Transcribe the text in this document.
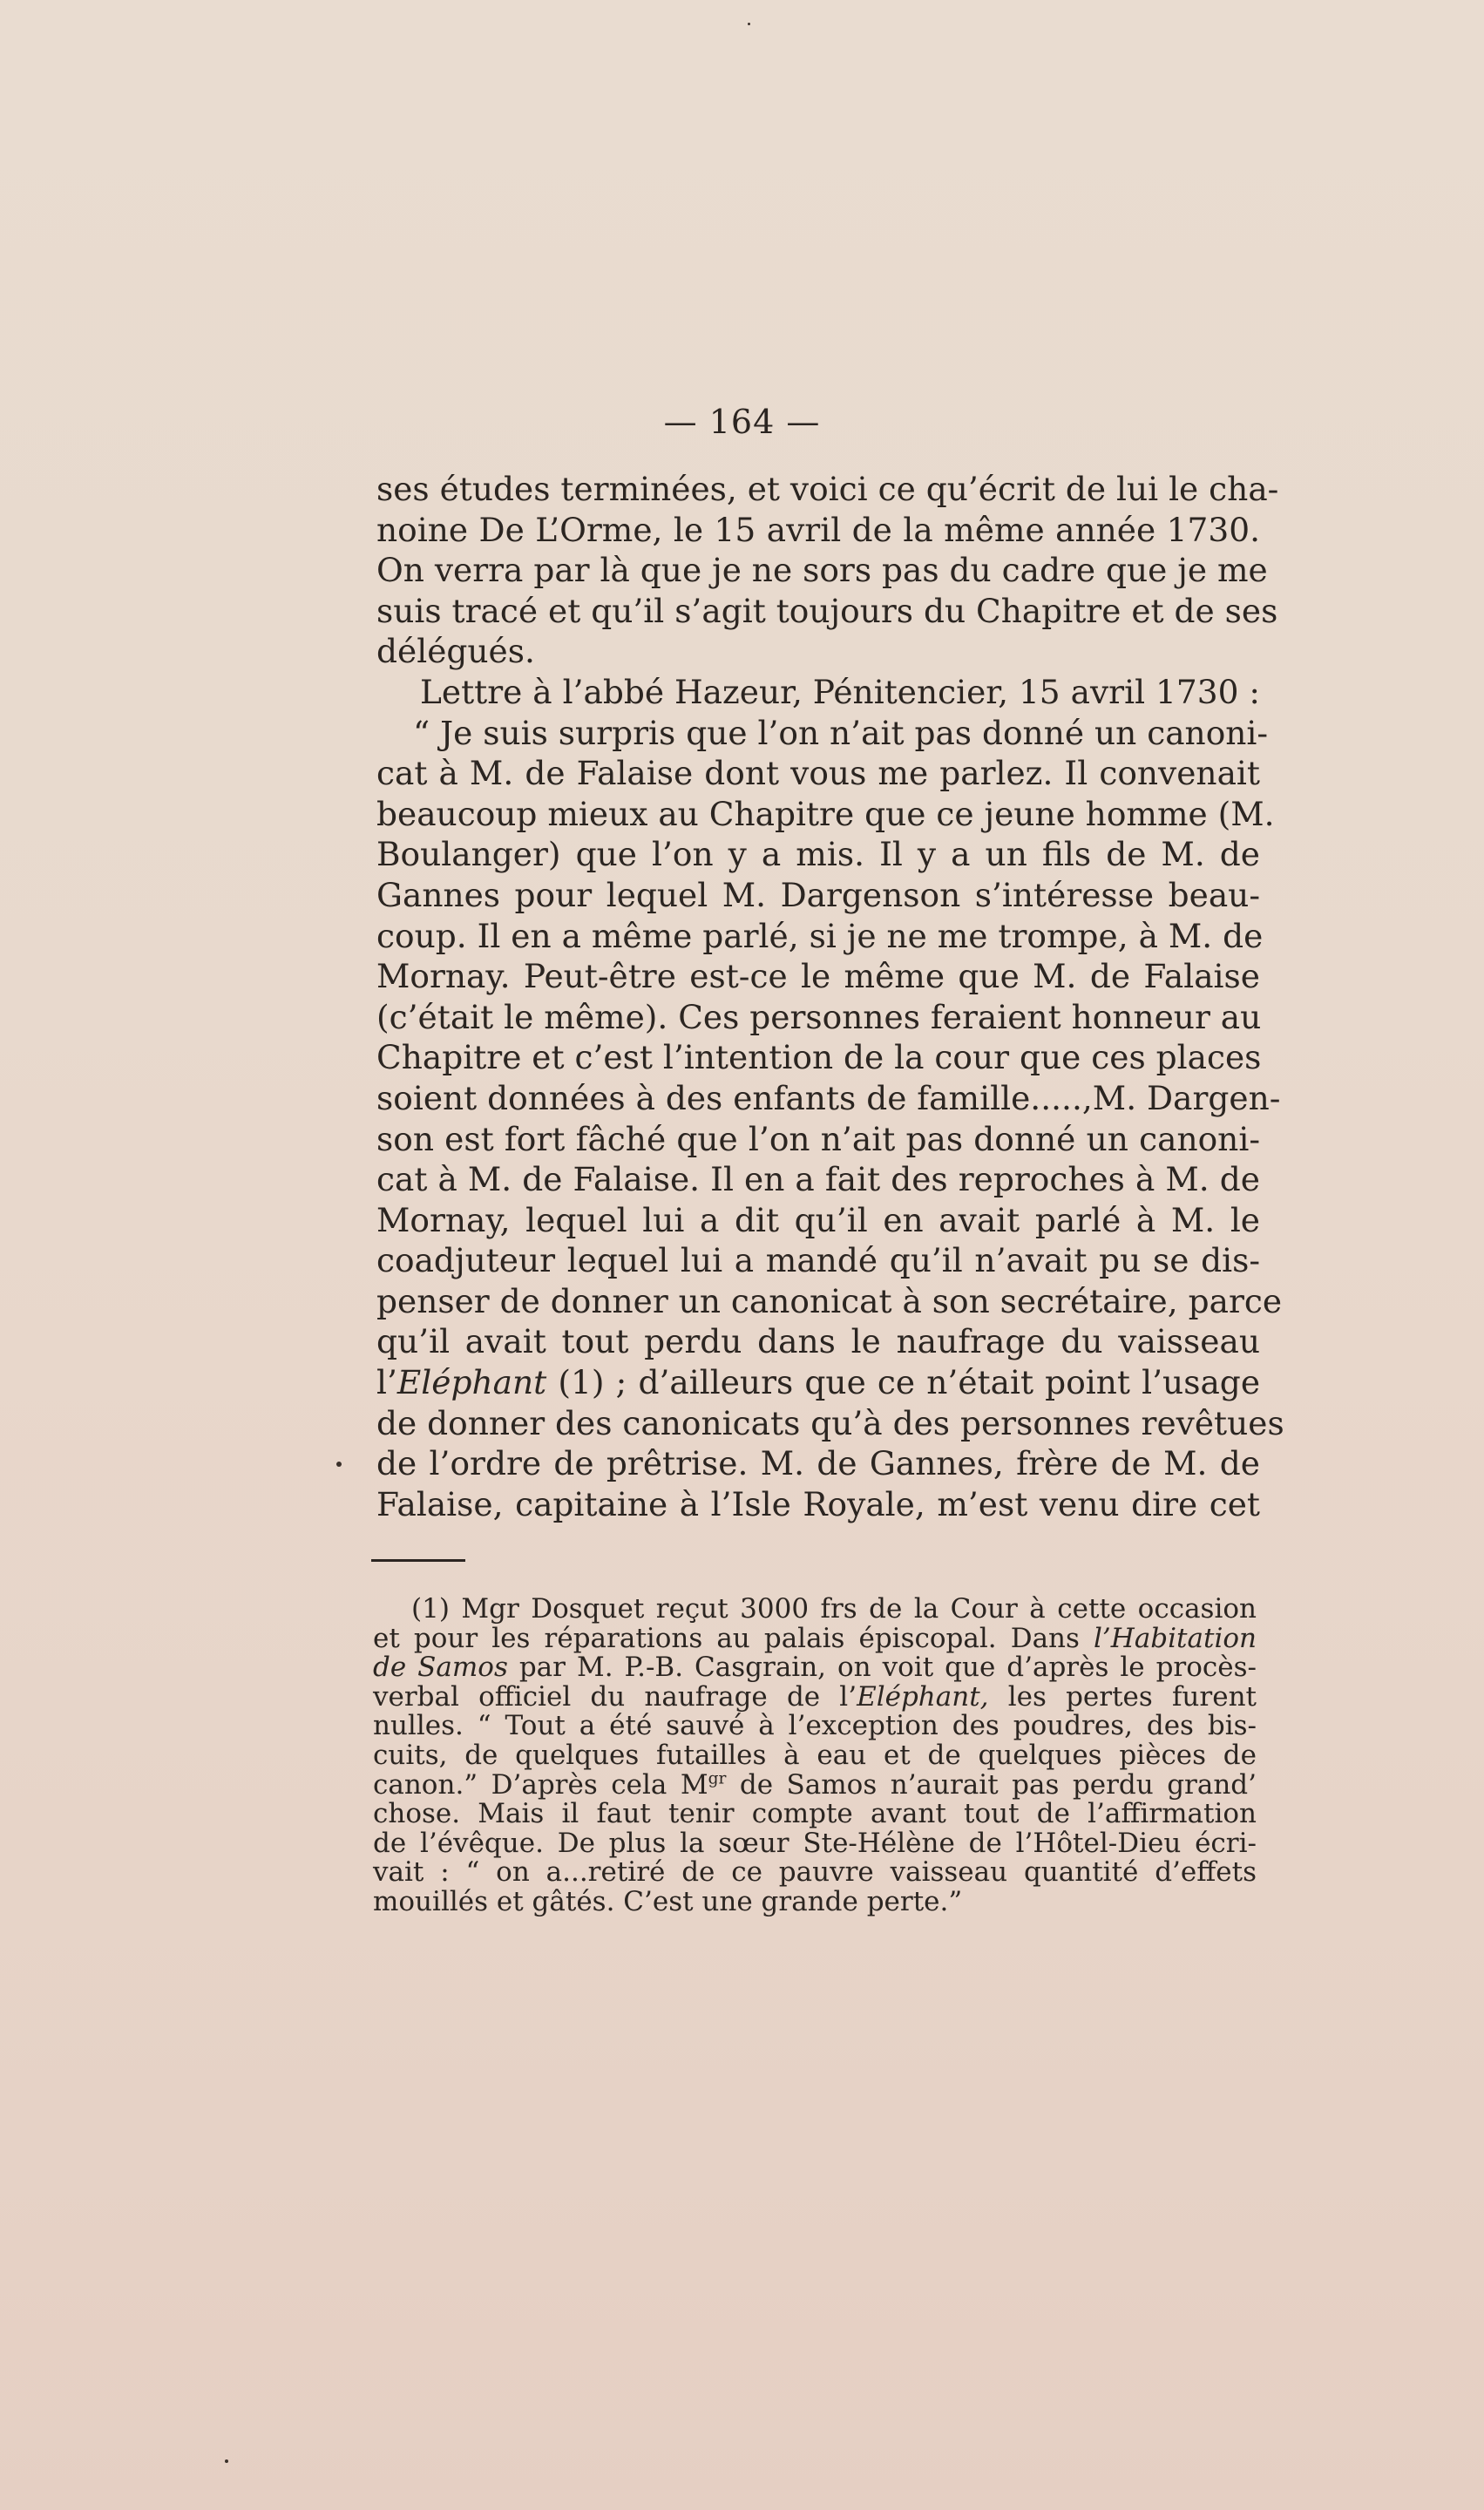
— 164 —
ses études terminées, et voici ce qu’écrit de lui le cha-
noine De L’Orme, le 15 avril de la même année 1730.
On verra par là que je ne sors pas du cadre que je me
suis tracé et qu’il s’agit toujours du Chapitre et de ses
délégués.
Lettre à l’abbé Hazeur, Pénitencier, 15 avril 1730 :
“ Je suis surpris que l’on n’ait pas donné un canoni-
cat à M. de Falaise dont vous me parlez. Il convenait
beaucoup mieux au Chapitre que ce jeune homme (M.
Boulanger) que l’on y a mis. Il y a un fils de M. de
Gannes pour lequel M. Dargenson s’intéresse beau-
coup. Il en a même parlé, si je ne me trompe, à M. de
Mornay. Peut-être est-ce le même que M. de Falaise
(c’était le même). Ces personnes feraient honneur au
Chapitre et c’est l’intention de la cour que ces places
soient données à des enfants de famille.....,M. Dargen-
son est fort fâché que l’on n’ait pas donné un canoni-
cat à M. de Falaise. Il en a fait des reproches à M. de
Mornay, lequel lui a dit qu’il en avait parlé à M. le
coadjuteur lequel lui a mandé qu’il n’avait pu se dis-
penser de donner un canonicat à son secrétaire, parce
qu’il avait tout perdu dans le naufrage du vaisseau
l’Eléphant (1) ; d’ailleurs que ce n’était point l’usage
de donner des canonicats qu’à des personnes revêtues
de l’ordre de prêtrise. M. de Gannes, frère de M. de
Falaise, capitaine à l’Isle Royale, m’est venu dire cet
(1) Mgr Dosquet reçut 3000 frs de la Cour à cette occasion
et pour les réparations au palais épiscopal. Dans l’Habitation
de Samos par M. P.-B. Casgrain, on voit que d’après le procès-
verbal officiel du naufrage de l’Eléphant, les pertes furent
nulles. “ Tout a été sauvé à l’exception des poudres, des bis-
cuits, de quelques futailles à eau et de quelques pièces de
canon.” D’après cela $M^{gr}$ de Samos n’aurait pas perdu grand’
chose. Mais il faut tenir compte avant tout de l’affirmation
de l’évêque. De plus la sœur Ste-Hélène de l’Hôtel-Dieu écri-
vait : “ on a...retiré de ce pauvre vaisseau quantité d’effets
mouillés et gâtés. C’est une grande perte.”
